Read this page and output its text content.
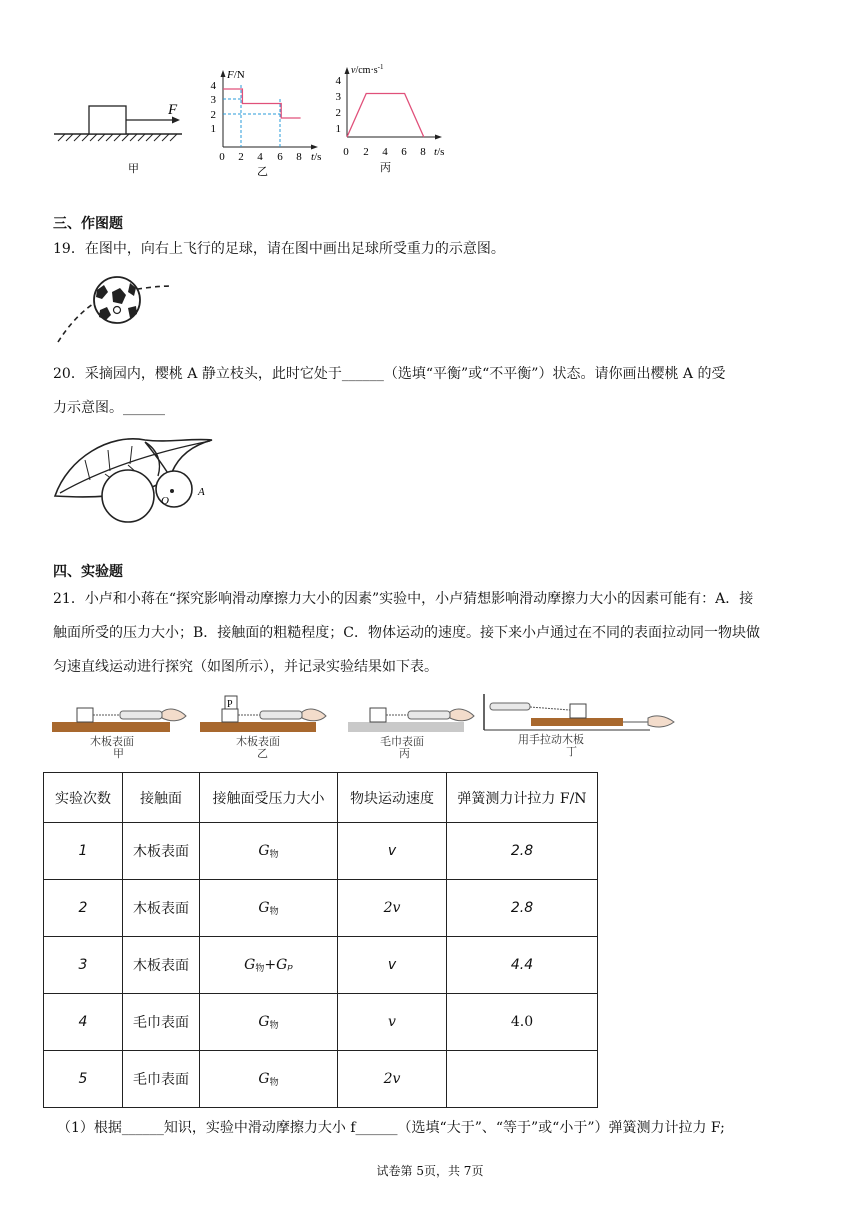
F
甲
F/N
4
3
2
1
0 2 4 6 8 t/s
乙
$v/cm\cdot s^{-1}$
4
3
2
1
0 2 4 6 8 t/s
丙
三、作图题
19．在图中，向右上飞行的足球，请在图中画出足球所受重力的示意图。
20．采摘园内，樱桃 A 静立枝头，此时它处于______（选填“平衡”或“不平衡”）状态。请你画出樱桃 A 的受
力示意图。______
O
A
四、实验题
21．小卢和小蒋在“探究影响滑动摩擦力大小的因素”实验中，小卢猜想影响滑动摩擦力大小的因素可能有：A．接
触面所受的压力大小；B．接触面的粗糙程度；C．物体运动的速度。接下来小卢通过在不同的表面拉动同一物块做
匀速直线运动进行探究（如图所示），并记录实验结果如下表。
木板表面
甲
P
木板表面
乙
毛巾表面
丙
用手拉动木板
丁
实验次数	接触面	接触面受压力大小	物块运动速度	弹簧测力计拉力 F/N
1	木板表面	$G_物$	v	2.8
2	木板表面	$G_物$	2v	2.8
3	木板表面	$G_物+G_p$	v	4.4
4	毛巾表面	$G_物$	v	4.0
5	毛巾表面	$G_物$	2v	
（1）根据______知识，实验中滑动摩擦力大小 f______（选填“大于”、“等于”或“小于”）弹簧测力计拉力 F;
试卷第 5页，共 7页
